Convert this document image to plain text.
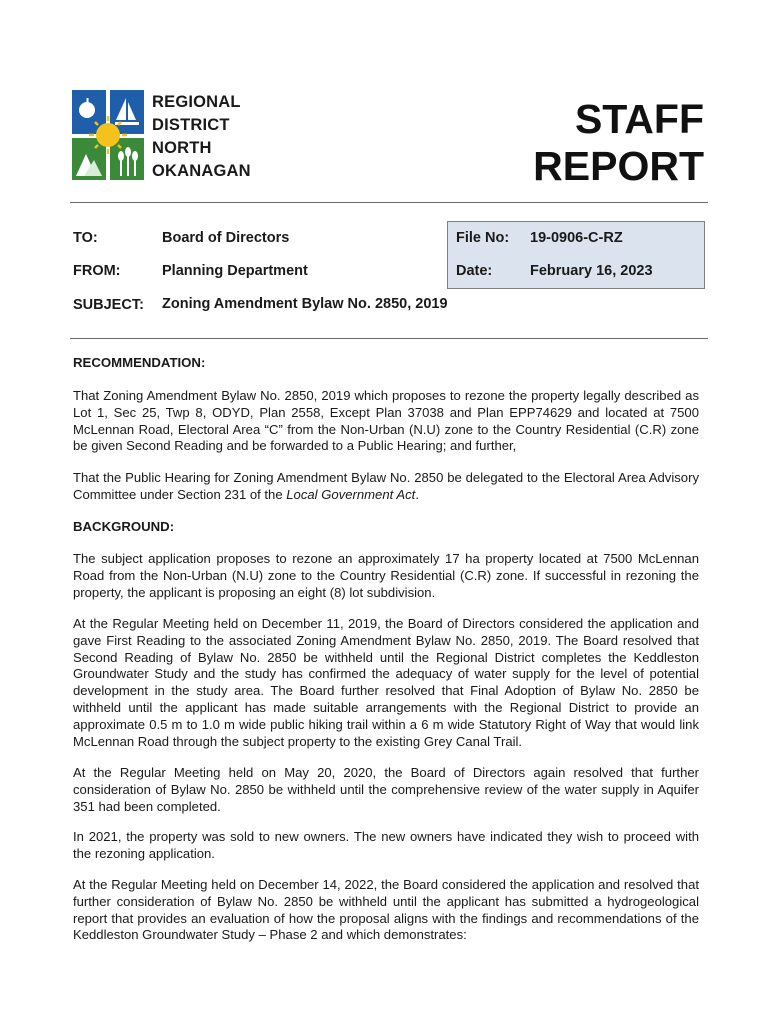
REGIONAL
DISTRICT
NORTH
OKANAGAN
STAFF
REPORT
TO:	Board of Directors	File No: 19-0906-C-RZ
FROM:	Planning Department	Date:	February 16, 2023
SUBJECT: Zoning Amendment Bylaw No. 2850, 2019
RECOMMENDATION:

That Zoning Amendment Bylaw No. 2850, 2019 which proposes to rezone the property legally described as Lot 1, Sec 25, Twp 8, ODYD, Plan 2558, Except Plan 37038 and Plan EPP74629 and located at 7500 McLennan Road, Electoral Area “C” from the Non-Urban (N.U) zone to the Country Residential (C.R) zone be given Second Reading and be forwarded to a Public Hearing; and further,

That the Public Hearing for Zoning Amendment Bylaw No. 2850 be delegated to the Electoral Area Advisory Committee under Section 231 of the Local Government Act.

BACKGROUND:

The subject application proposes to rezone an approximately 17 ha property located at 7500 McLennan Road from the Non-Urban (N.U) zone to the Country Residential (C.R) zone. If successful in rezoning the property, the applicant is proposing an eight (8) lot subdivision.

At the Regular Meeting held on December 11, 2019, the Board of Directors considered the application and gave First Reading to the associated Zoning Amendment Bylaw No. 2850, 2019. The Board resolved that Second Reading of Bylaw No. 2850 be withheld until the Regional District completes the Keddleston Groundwater Study and the study has confirmed the adequacy of water supply for the level of potential development in the study area. The Board further resolved that Final Adoption of Bylaw No. 2850 be withheld until the applicant has made suitable arrangements with the Regional District to provide an approximate 0.5 m to 1.0 m wide public hiking trail within a 6 m wide Statutory Right of Way that would link McLennan Road through the subject property to the existing Grey Canal Trail.

At the Regular Meeting held on May 20, 2020, the Board of Directors again resolved that further consideration of Bylaw No. 2850 be withheld until the comprehensive review of the water supply in Aquifer 351 had been completed.

In 2021, the property was sold to new owners. The new owners have indicated they wish to proceed with the rezoning application.

At the Regular Meeting held on December 14, 2022, the Board considered the application and resolved that further consideration of Bylaw No. 2850 be withheld until the applicant has submitted a hydrogeological report that provides an evaluation of how the proposal aligns with the findings and recommendations of the Keddleston Groundwater Study – Phase 2 and which demonstrates:
